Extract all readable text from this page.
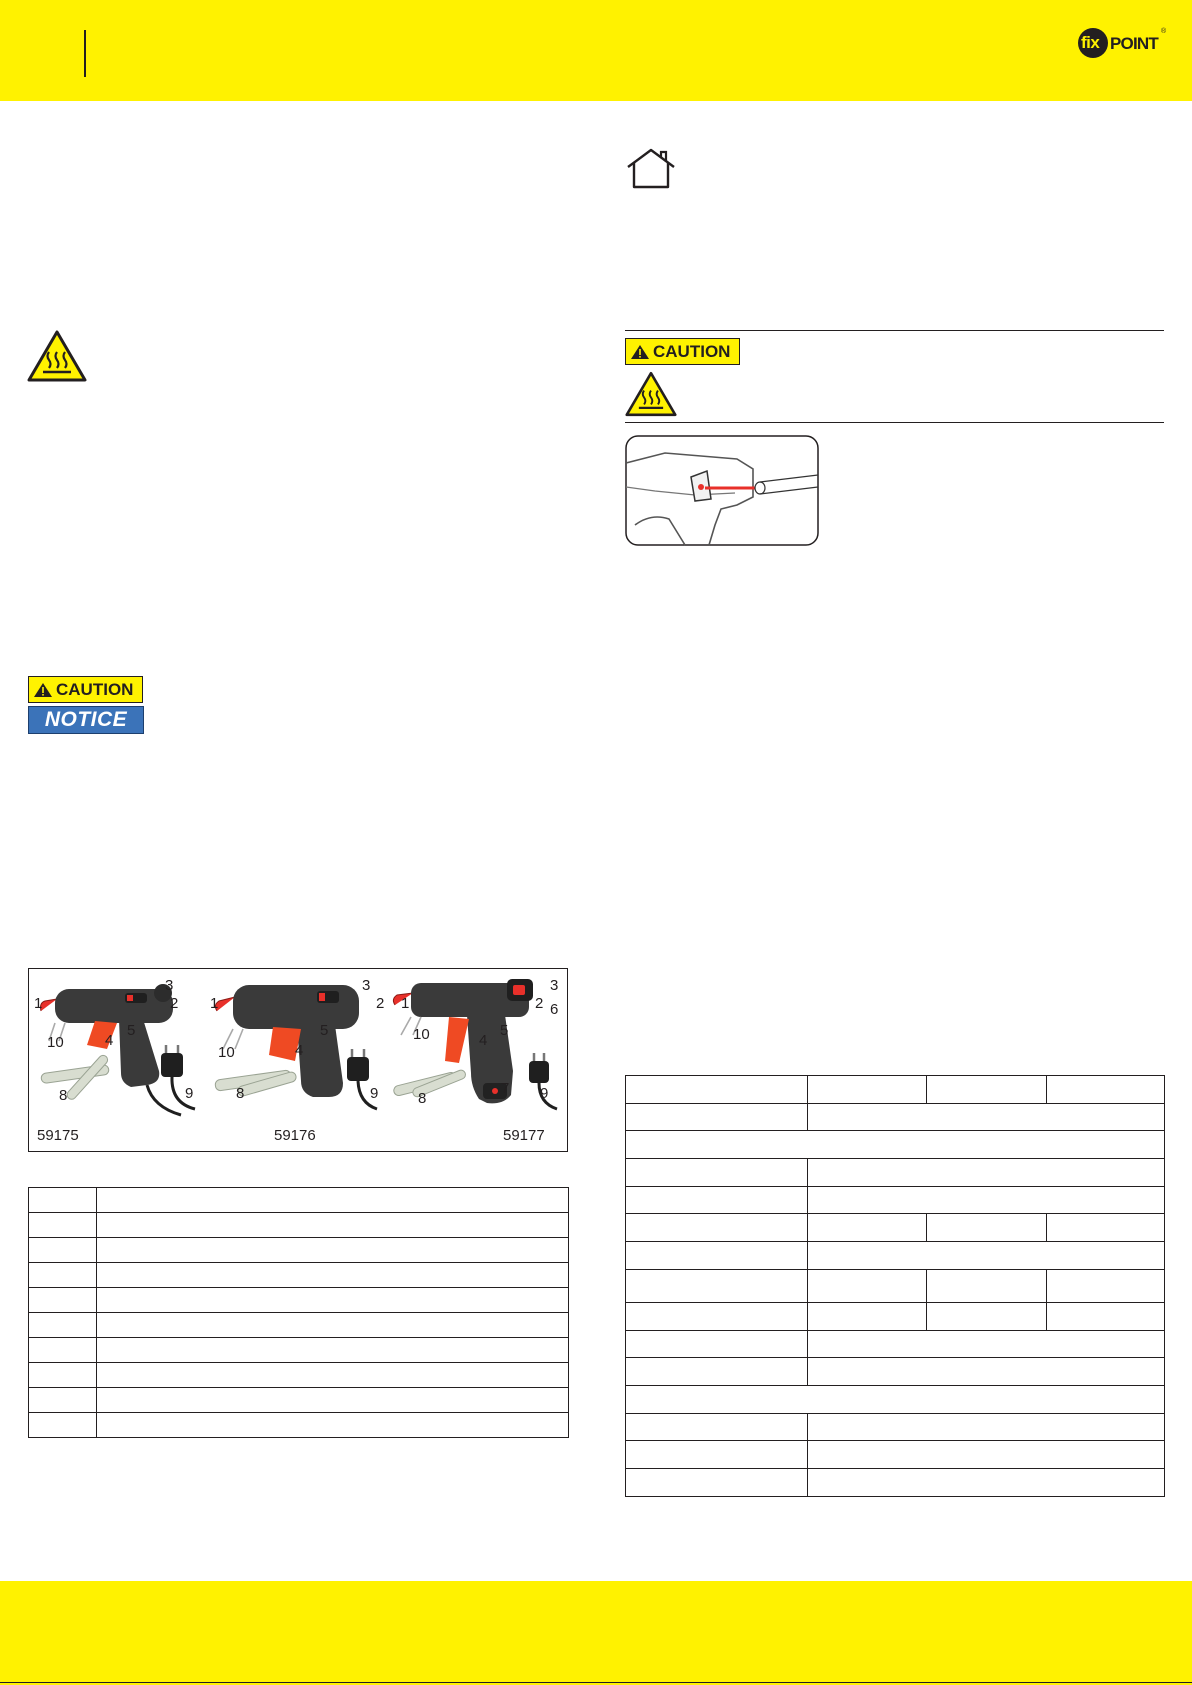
fix POINT
®
CAUTION
NOTICE
CAUTION
1	2
3
4
5
8	9
10
1	2
3
4
5
8	9
10
1	2
3
4
5
6
7
8	9
10
59175	59176	59177
